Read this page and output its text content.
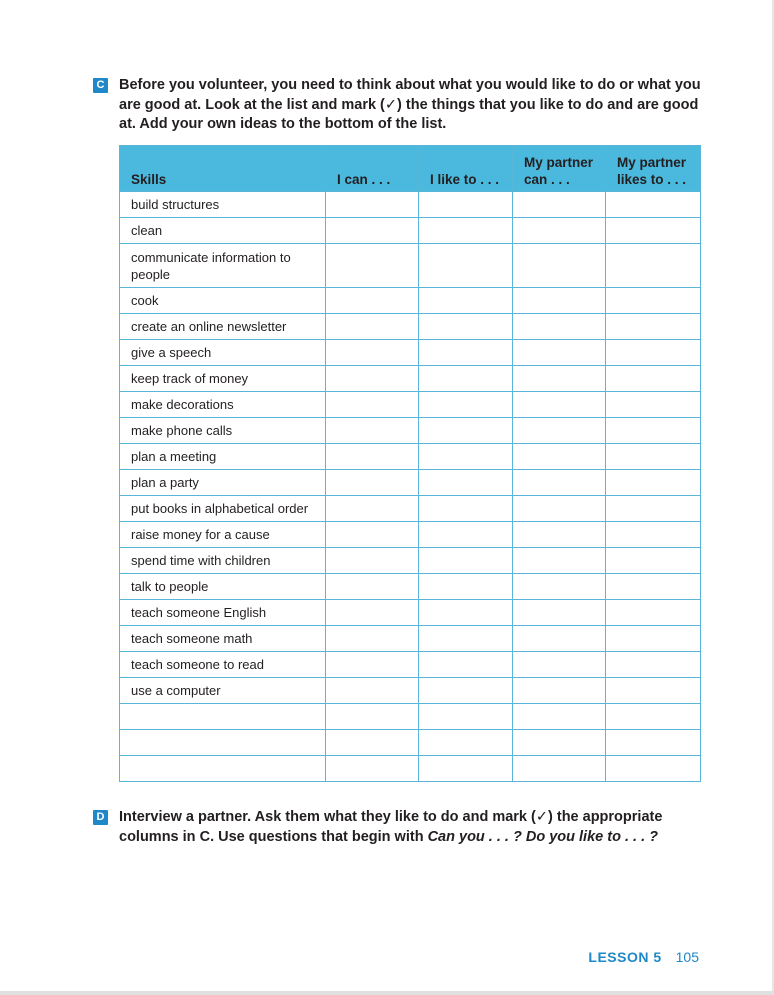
C Before you volunteer, you need to think about what you would like to do or what you are good at. Look at the list and mark (✓) the things that you like to do and are good at. Add your own ideas to the bottom of the list.
Skills	I can . . .	I like to . . .	My partner can . . .	My partner likes to . . .
build structures				
clean				
communicate information to people				
cook				
create an online newsletter				
give a speech				
keep track of money				
make decorations				
make phone calls				
plan a meeting				
plan a party				
put books in alphabetical order				
raise money for a cause				
spend time with children				
talk to people				
teach someone English				
teach someone math				
teach someone to read				
use a computer				

D Interview a partner. Ask them what they like to do and mark (✓) the appropriate columns in C. Use questions that begin with Can you . . . ? Do you like to . . . ?
LESSON 5 105
